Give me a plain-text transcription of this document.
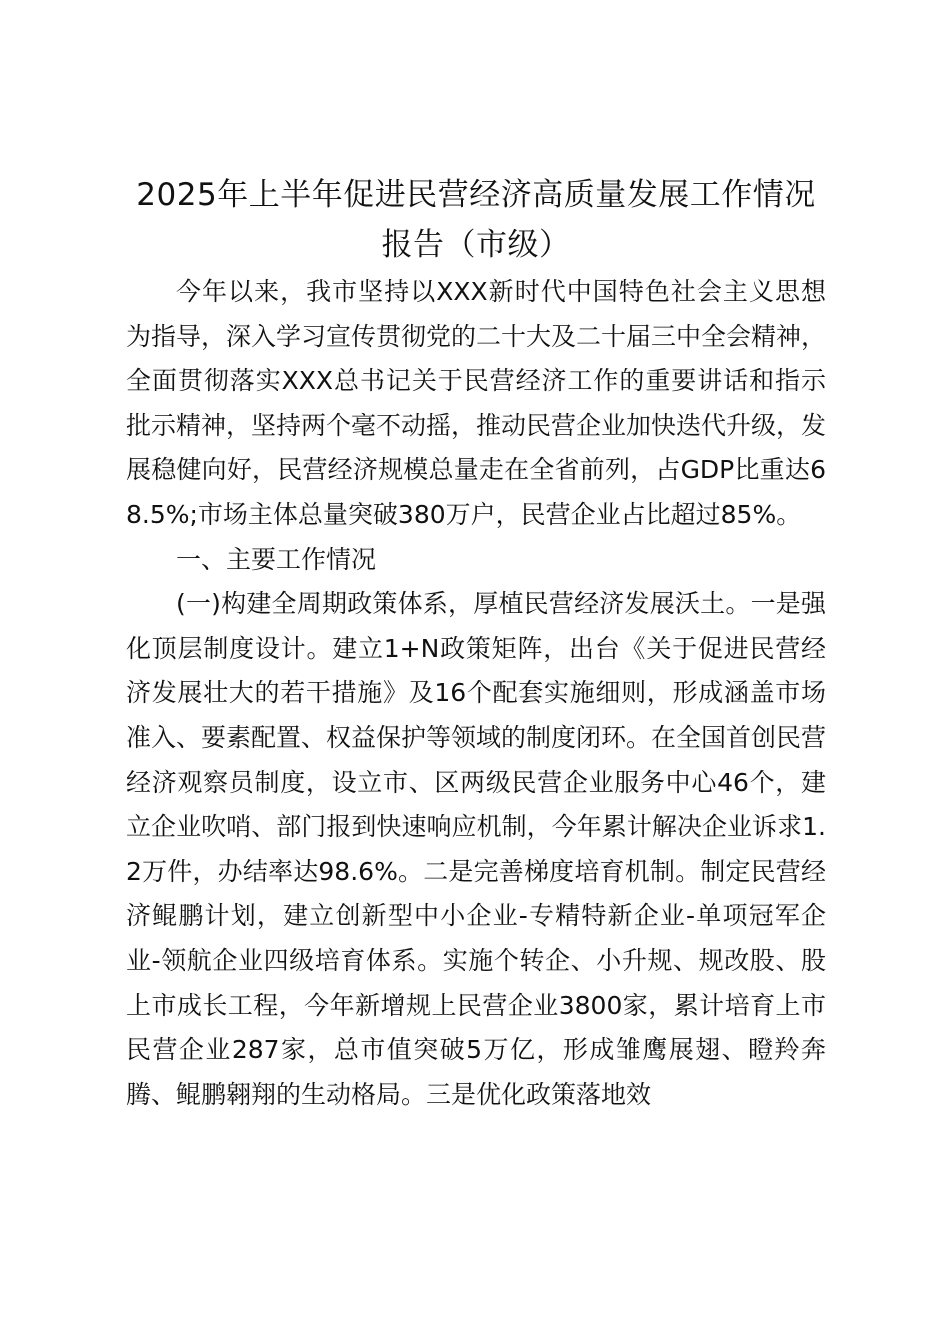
2025年上半年促进民营经济高质量发展工作情况报告（市级）

今年以来，我市坚持以XXX新时代中国特色社会主义思想为指导，深入学习宣传贯彻党的二十大及二十届三中全会精神，全面贯彻落实XXX总书记关于民营经济工作的重要讲话和指示批示精神，坚持两个毫不动摇，推动民营企业加快迭代升级，发展稳健向好，民营经济规模总量走在全省前列，占GDP比重达68.5%;市场主体总量突破380万户，民营企业占比超过85%。

一、主要工作情况

(一)构建全周期政策体系，厚植民营经济发展沃土。一是强化顶层制度设计。建立1+N政策矩阵，出台《关于促进民营经济发展壮大的若干措施》及16个配套实施细则，形成涵盖市场准入、要素配置、权益保护等领域的制度闭环。在全国首创民营经济观察员制度，设立市、区两级民营企业服务中心46个，建立企业吹哨、部门报到快速响应机制，今年累计解决企业诉求1.2万件，办结率达98.6%。二是完善梯度培育机制。制定民营经济鲲鹏计划，建立创新型中小企业-专精特新企业-单项冠军企业-领航企业四级培育体系。实施个转企、小升规、规改股、股上市成长工程，今年新增规上民营企业3800家，累计培育上市民营企业287家，总市值突破5万亿，形成雏鹰展翅、瞪羚奔腾、鲲鹏翱翔的生动格局。三是优化政策落地效
